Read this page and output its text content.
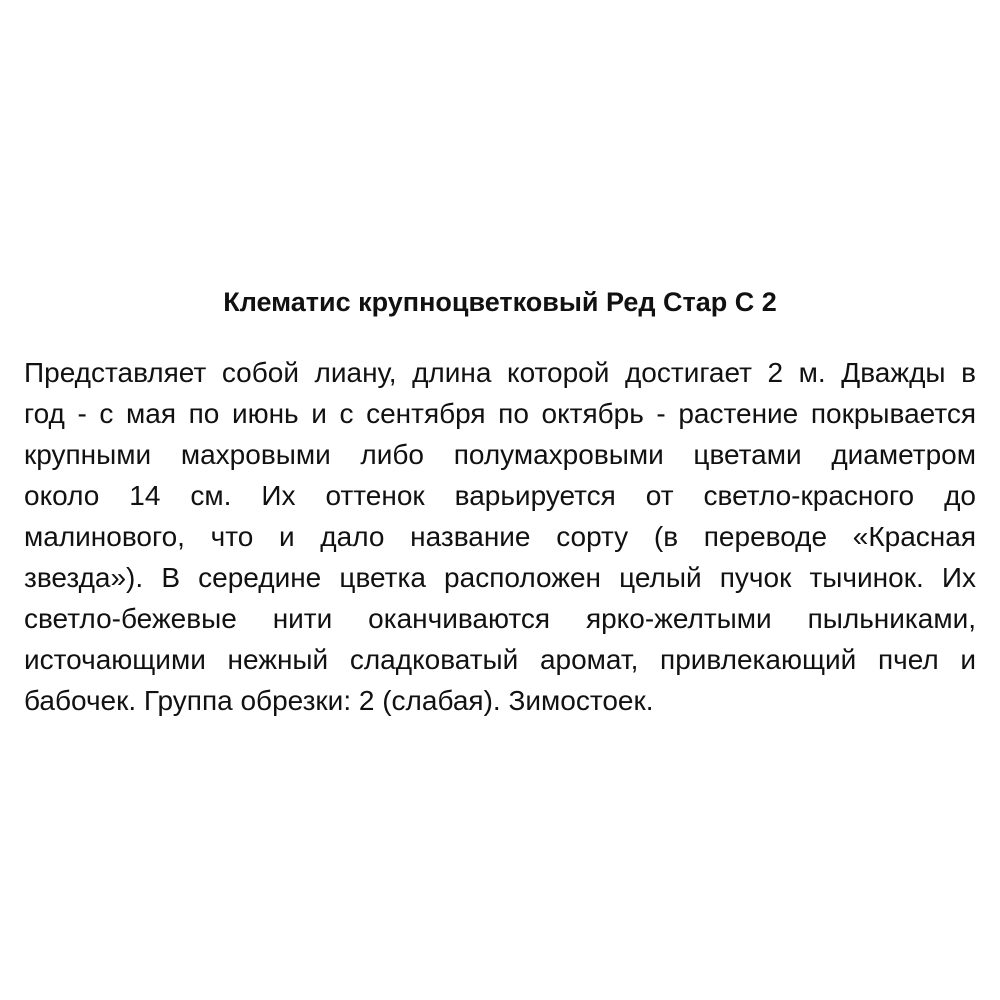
Клематис крупноцветковый Ред Стар С 2
Представляет собой лиану, длина которой достигает 2 м. Дважды в
год - с мая по июнь и с сентября по октябрь - растение покрывается
крупными махровыми либо полумахровыми цветами диаметром
около 14 см. Их оттенок варьируется от светло-красного до
малинового, что и дало название сорту (в переводе «Красная
звезда»). В середине цветка расположен целый пучок тычинок. Их
светло-бежевые нити оканчиваются ярко-желтыми пыльниками,
источающими нежный сладковатый аромат, привлекающий пчел и
бабочек. Группа обрезки: 2 (слабая). Зимостоек.
